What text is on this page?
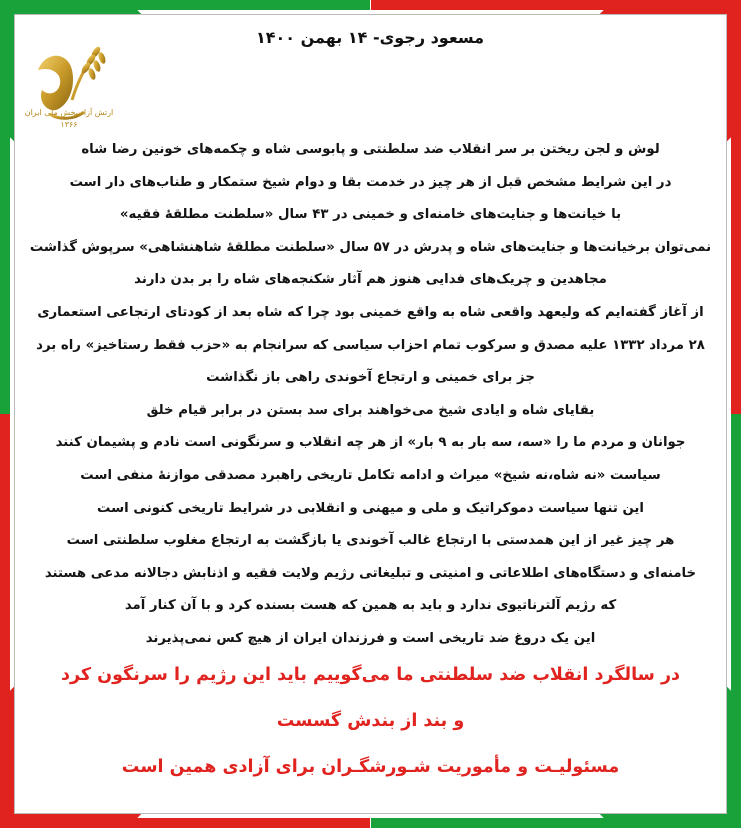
ارتش آزادیبخش ملی ایران
۱۳۶۶
مسعود رجوی- ۱۴ بهمن ۱۴۰۰
لوش و لجن ریختن بر سر انقلاب ضد سلطنتی و پابوسی شاه و چکمه‌های خونین رضا شاه
در این شرایط مشخص قبل از هر چیز در خدمت بقا و دوام شیخ ستمکار و طناب‌های دار است
با خیانت‌ها و جنایت‌های خامنه‌ای و خمینی در ۴۳ سال «سلطنت مطلقهٔ فقیه»
نمی‌توان برخیانت‌ها و جنایت‌های شاه و پدرش در ۵۷ سال «سلطنت مطلقهٔ شاهنشاهی» سرپوش گذاشت
مجاهدین و چریک‌های فدایی هنوز هم آثار شکنجه‌های شاه را بر بدن دارند
از آغاز گفته‌ایم که ولیعهد واقعی شاه به واقع خمینی بود چرا که شاه بعد از کودتای ارتجاعی استعماری
۲۸ مرداد ۱۳۳۲ علیه مصدق و سرکوب تمام احزاب سیاسی که سرانجام به «حزب فقط رستاخیز» راه برد
جز برای خمینی و ارتجاع آخوندی راهی باز نگذاشت
بقایای شاه و ایادی شیخ می‌خواهند برای سد بستن در برابر قیام خلق
جوانان و مردم ما را «سه، سه بار به ۹ بار» از هر چه انقلاب و سرنگونی است نادم و پشیمان کنند
سیاست «نه شاه،نه شیخ» میراث و ادامه تکامل تاریخی راهبرد مصدقی موازنهٔ منفی است
این تنها سیاست دموکراتیک و ملی و میهنی و انقلابی در شرایط تاریخی کنونی است
هر چیز غیر از این همدستی با ارتجاع غالب آخوندی یا بازگشت به ارتجاع مغلوب سلطنتی است
خامنه‌ای و دستگاه‌های اطلاعاتی و امنیتی و تبلیغاتی رژیم ولایت فقیه و اذنابش دجالانه مدعی هستند
که رژیم آلترناتیوی ندارد و باید به همین که هست بسنده کرد و با آن کنار آمد
این یک دروغ ضد تاریخی است و فرزندان ایران از هیچ کس نمی‌پذیرند
در سالگرد انقلاب ضد سلطنتی ما می‌گوییم باید این رژیم را سرنگون کرد
و بند از بندش گسست
مسئولیـت و مأموریت شـورشگـران برای آزادی همین است
